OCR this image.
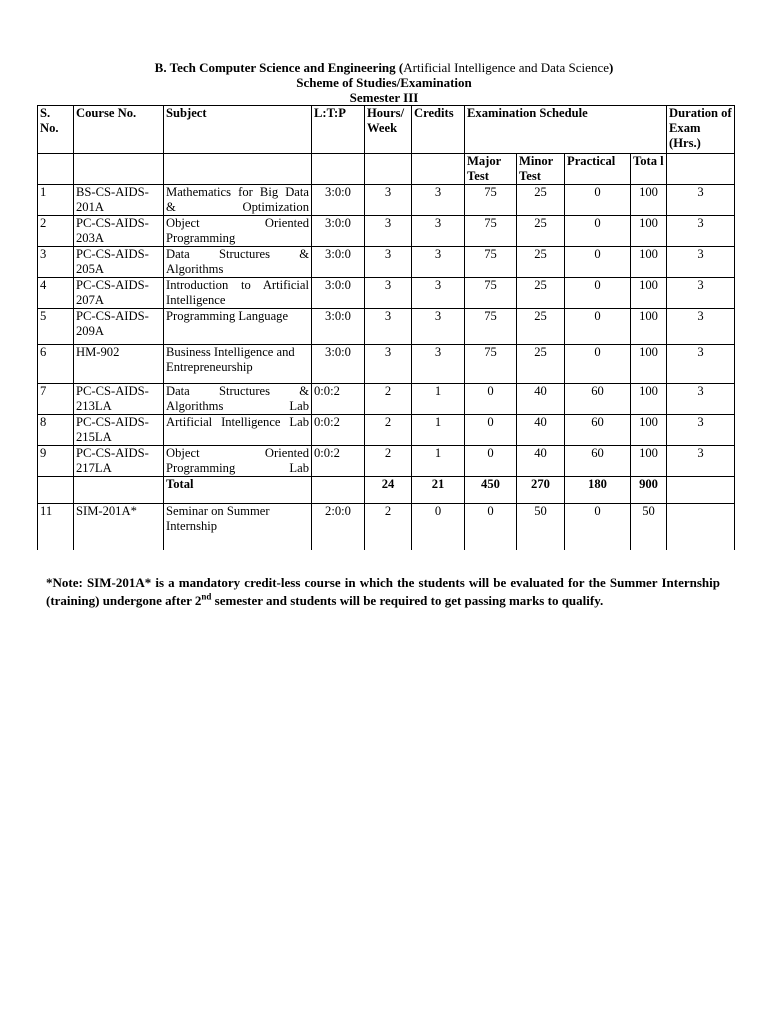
B. Tech Computer Science and Engineering (Artificial Intelligence and Data Science)
Scheme of Studies/Examination
Semester III
S. No.	Course No.	Subject	L:T:P	Hours/ Week	Credits	Examination Schedule				Duration of Exam (Hrs.)
						Major Test	Minor Test	Practical	Tota l	
1	BS-CS-AIDS-201A	Mathematics for Big Data & Optimization	3:0:0	3	3	75	25	0	100	3
2	PC-CS-AIDS-203A	Object Oriented Programming	3:0:0	3	3	75	25	0	100	3
3	PC-CS-AIDS-205A	Data Structures & Algorithms	3:0:0	3	3	75	25	0	100	3
4	PC-CS-AIDS-207A	Introduction to Artificial Intelligence	3:0:0	3	3	75	25	0	100	3
5	PC-CS-AIDS-209A	Programming Language	3:0:0	3	3	75	25	0	100	3
6	HM-902	Business Intelligence and Entrepreneurship	3:0:0	3	3	75	25	0	100	3
7	PC-CS-AIDS-213LA	Data Structures & Algorithms Lab	0:0:2	2	1	0	40	60	100	3
8	PC-CS-AIDS-215LA	Artificial Intelligence Lab	0:0:2	2	1	0	40	60	100	3
9	PC-CS-AIDS-217LA	Object Oriented Programming Lab	0:0:2	2	1	0	40	60	100	3
		Total		24	21	450	270	180	900	
11	SIM-201A*	Seminar on Summer Internship	2:0:0	2	0	0	50	0	50	
*Note: SIM-201A* is a mandatory credit-less course in which the students will be evaluated for the Summer Internship (training) undergone after 2nd semester and students will be required to get passing marks to qualify.
